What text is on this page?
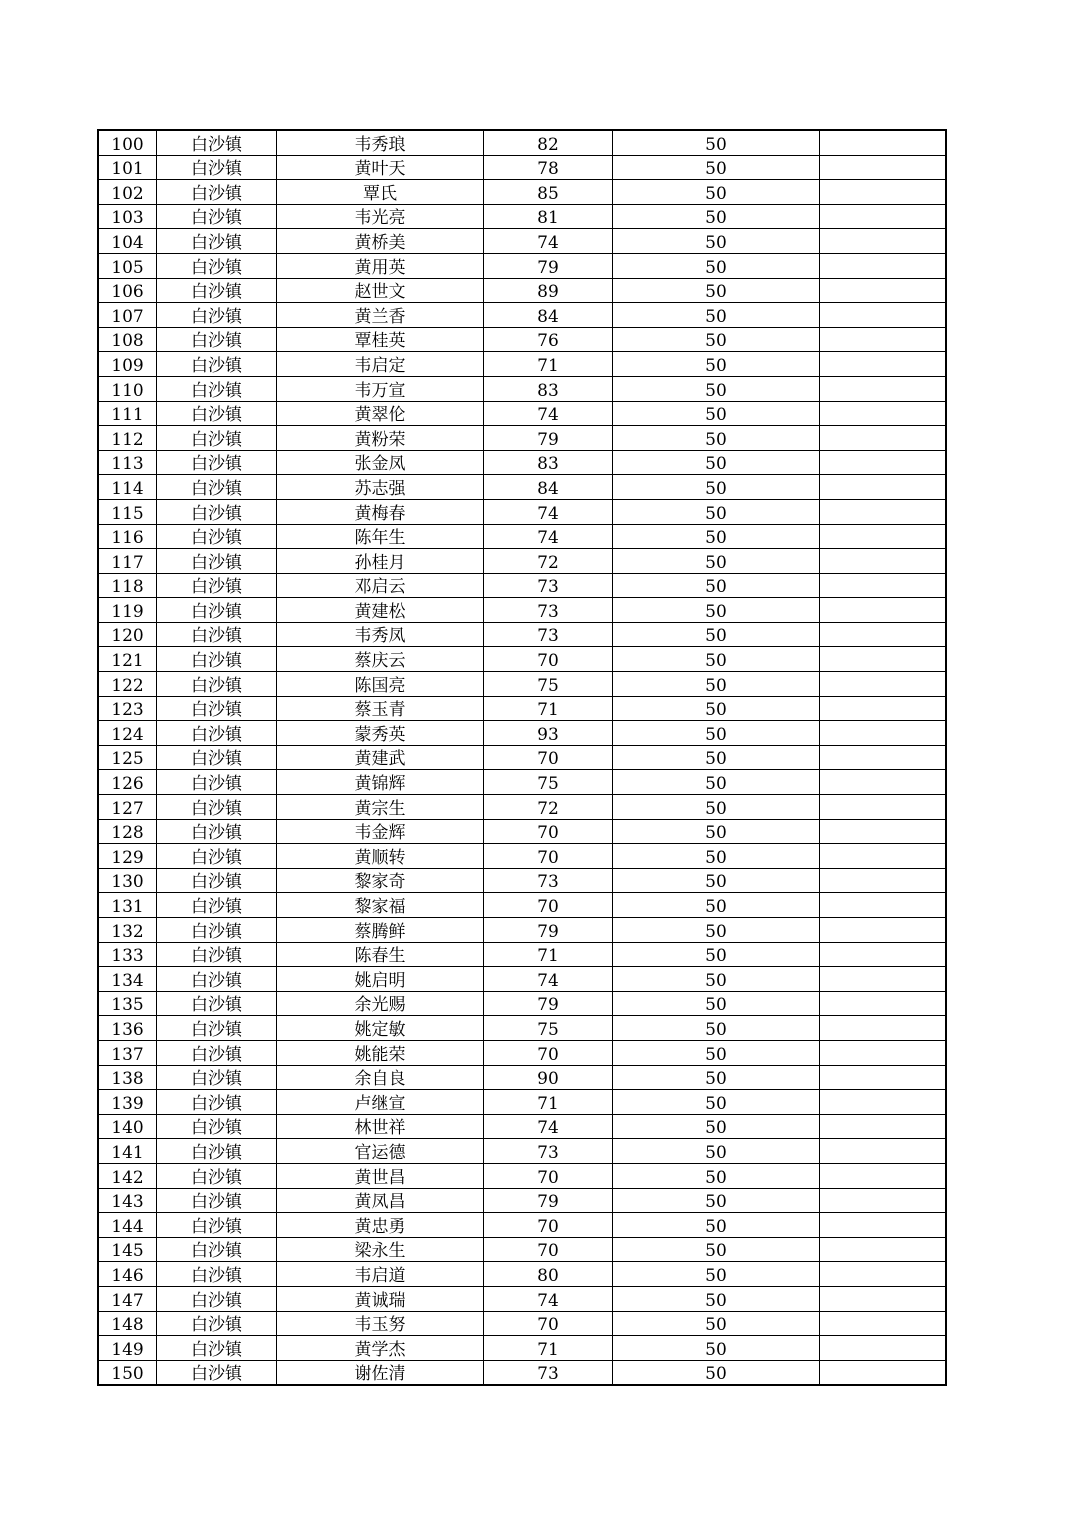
100	白沙镇	韦秀琅	82	50	
101	白沙镇	黄叶天	78	50	
102	白沙镇	覃氏	85	50	
103	白沙镇	韦光亮	81	50	
104	白沙镇	黄桥美	74	50	
105	白沙镇	黄用英	79	50	
106	白沙镇	赵世文	89	50	
107	白沙镇	黄兰香	84	50	
108	白沙镇	覃桂英	76	50	
109	白沙镇	韦启定	71	50	
110	白沙镇	韦万宣	83	50	
111	白沙镇	黄翠伦	74	50	
112	白沙镇	黄粉荣	79	50	
113	白沙镇	张金凤	83	50	
114	白沙镇	苏志强	84	50	
115	白沙镇	黄梅春	74	50	
116	白沙镇	陈年生	74	50	
117	白沙镇	孙桂月	72	50	
118	白沙镇	邓启云	73	50	
119	白沙镇	黄建松	73	50	
120	白沙镇	韦秀凤	73	50	
121	白沙镇	蔡庆云	70	50	
122	白沙镇	陈国亮	75	50	
123	白沙镇	蔡玉青	71	50	
124	白沙镇	蒙秀英	93	50	
125	白沙镇	黄建武	70	50	
126	白沙镇	黄锦辉	75	50	
127	白沙镇	黄宗生	72	50	
128	白沙镇	韦金辉	70	50	
129	白沙镇	黄顺转	70	50	
130	白沙镇	黎家奇	73	50	
131	白沙镇	黎家福	70	50	
132	白沙镇	蔡腾鲜	79	50	
133	白沙镇	陈春生	71	50	
134	白沙镇	姚启明	74	50	
135	白沙镇	余光赐	79	50	
136	白沙镇	姚定敏	75	50	
137	白沙镇	姚能荣	70	50	
138	白沙镇	余自良	90	50	
139	白沙镇	卢继宣	71	50	
140	白沙镇	林世祥	74	50	
141	白沙镇	官运德	73	50	
142	白沙镇	黄世昌	70	50	
143	白沙镇	黄凤昌	79	50	
144	白沙镇	黄忠勇	70	50	
145	白沙镇	梁永生	70	50	
146	白沙镇	韦启道	80	50	
147	白沙镇	黄诚瑞	74	50	
148	白沙镇	韦玉努	70	50	
149	白沙镇	黄学杰	71	50	
150	白沙镇	谢佐清	73	50	
